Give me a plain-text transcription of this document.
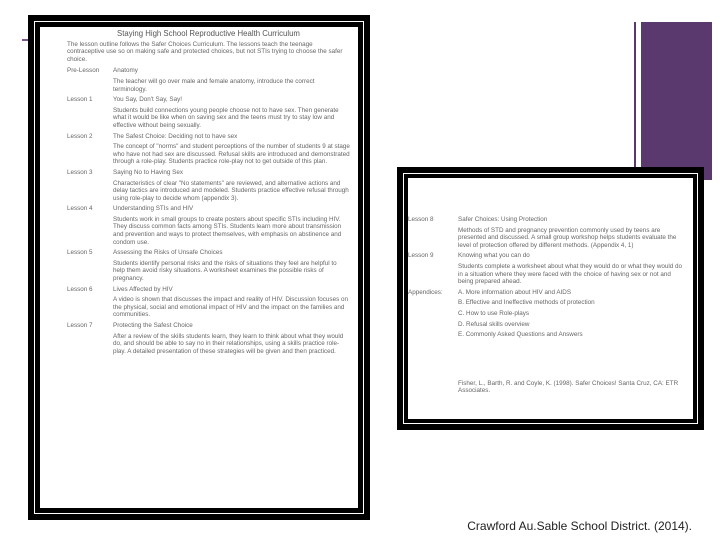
Staying High School Reproductive Health Curriculum
The lesson outline follows the Safer Choices Curriculum. The lessons teach the teenage contraceptive use so on making safe and protected choices, but not STIs trying to choose the safer choice.
Pre-Lesson	Anatomy

The teacher will go over male and female anatomy, introduce the correct terminology.

Lesson 1	You Say, Don't Say, Say!

Students build connections young people choose not to have sex. Then generate what it would be like when on saving sex and the teens must try to stay low and effective without being sexually.

Lesson 2	The Safest Choice: Deciding not to have sex

The concept of "norms" and student perceptions of the number of students 9 at stage who have not had sex are discussed. Refusal skills are introduced and demonstrated through a role-play. Students practice role-play not to get outside of this plan.

Lesson 3	Saying No to Having Sex

Characteristics of clear "No statements" are reviewed, and alternative actions and delay tactics are introduced and modeled. Students practice effective refusal through using role-play to decide whom (appendix 3).

Lesson 4	Understanding STIs and HIV

Students work in small groups to create posters about specific STIs including HIV. They discuss common facts among STIs. Students learn more about transmission and prevention and ways to protect themselves, with emphasis on abstinence and condom use.

Lesson 5	Assessing the Risks of Unsafe Choices

Students identify personal risks and the risks of situations they feel are helpful to help them avoid risky situations. A worksheet examines the possible risks of pregnancy.

Lesson 6	Lives Affected by HIV

A video is shown that discusses the impact and reality of HIV. Discussion focuses on the physical, social and emotional impact of HIV and the impact on the families and communities.

Lesson 7	Protecting the Safest Choice

After a review of the skills students learn, they learn to think about what they would do, and should be able to say no in their relationships, using a skills practice role-play. A detailed presentation of these strategies will be given and then practiced.

Lesson 8	Safer Choices: Using Protection

Methods of STD and pregnancy prevention commonly used by teens are presented and discussed. A small group workshop helps students evaluate the level of protection offered by different methods. (Appendix 4, 1)

Lesson 9	Knowing what you can do

Students complete a worksheet about what they would do or what they would do in a situation where they were faced with the choice of having sex or not and being prepared ahead.

Appendices:	A. More information about HIV and AIDS

B. Effective and Ineffective methods of protection

C. How to use Role-plays

D. Refusal skills overview

E. Commonly Asked Questions and Answers

Fisher, L., Barth, R. and Coyle, K. (1998). Safer Choices! Santa Cruz, CA: ETR Associates.
Crawford Au.Sable School District. (2014).
